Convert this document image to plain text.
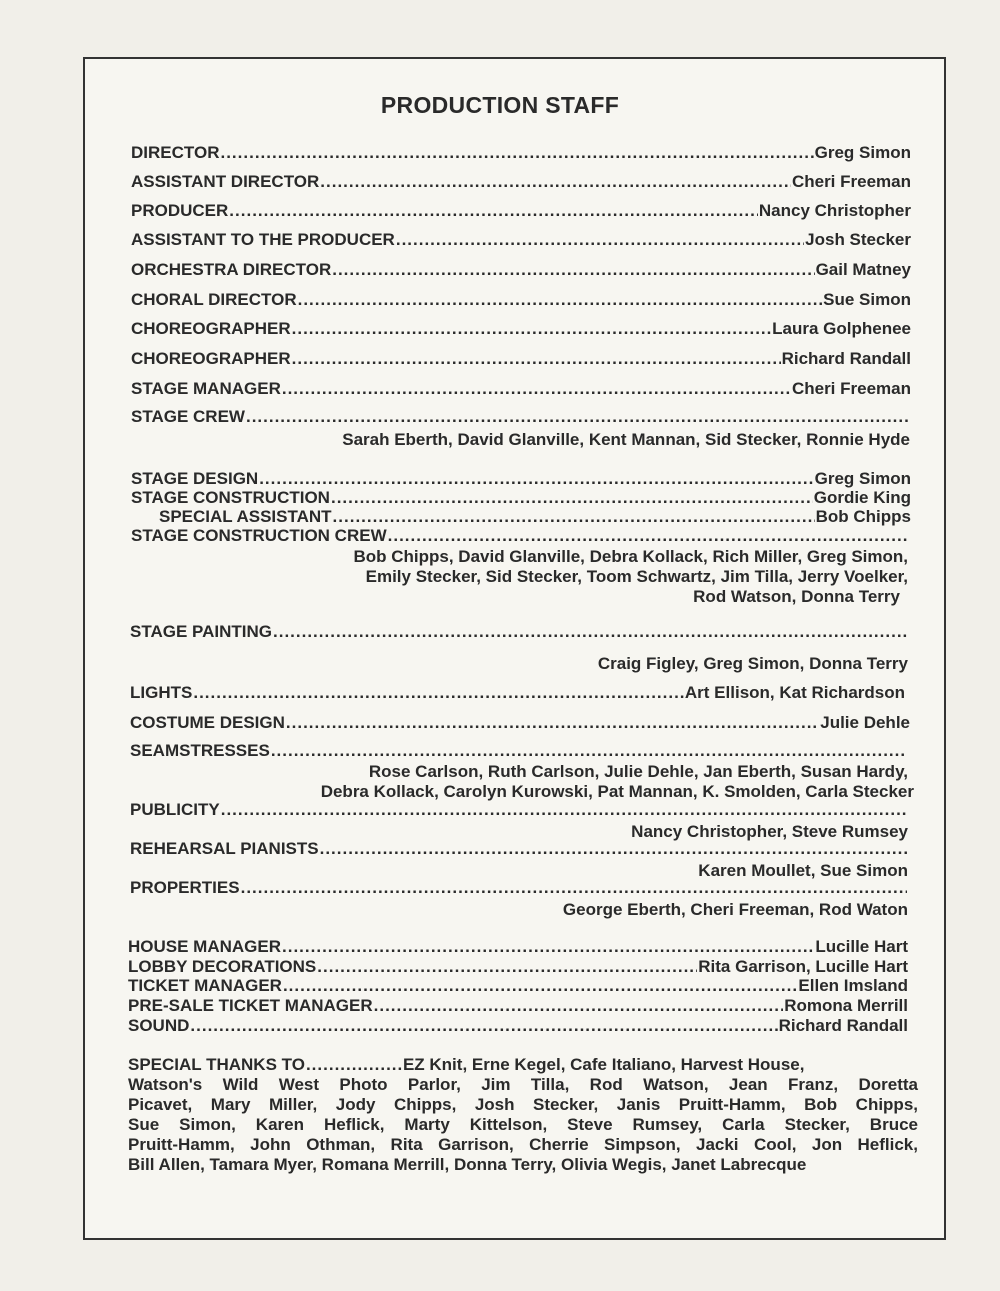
PRODUCTION STAFF
DIRECTOR .....	Greg Simon
ASSISTANT DIRECTOR .....	Cheri Freeman
PRODUCER .....	Nancy Christopher
ASSISTANT TO THE PRODUCER .....	Josh Stecker
ORCHESTRA DIRECTOR .....	Gail Matney
CHORAL DIRECTOR .....	Sue Simon
CHOREOGRAPHER .....	Laura Golphenee
CHOREOGRAPHER .....	Richard Randall
STAGE MANAGER .....	Cheri Freeman
STAGE CREW
.....
Sarah Eberth, David Glanville, Kent Mannan, Sid Stecker, Ronnie Hyde
STAGE DESIGN .....	Greg Simon
STAGE CONSTRUCTION .....	Gordie King
SPECIAL ASSISTANT .....	Bob Chipps
STAGE CONSTRUCTION CREW
.....
Bob Chipps, David Glanville, Debra Kollack, Rich Miller, Greg Simon,
Emily Stecker, Sid Stecker, Toom Schwartz, Jim Tilla, Jerry Voelker,
Rod Watson, Donna Terry
STAGE PAINTING
.....
Craig Figley, Greg Simon, Donna Terry
LIGHTS .....	Art Ellison, Kat Richardson
COSTUME DESIGN .....	Julie Dehle
SEAMSTRESSES
.....
Rose Carlson, Ruth Carlson, Julie Dehle, Jan Eberth, Susan Hardy,
Debra Kollack, Carolyn Kurowski, Pat Mannan, K. Smolden, Carla Stecker
PUBLICITY
.....
Nancy Christopher, Steve Rumsey
REHEARSAL PIANISTS
.....
Karen Moullet, Sue Simon
PROPERTIES
.....
George Eberth, Cheri Freeman, Rod Waton
HOUSE MANAGER .....	Lucille Hart
LOBBY DECORATIONS .....	Rita Garrison, Lucille Hart
TICKET MANAGER .....	Ellen Imsland
PRE-SALE TICKET MANAGER .....	Romona Merrill
SOUND .....	Richard Randall
SPECIAL THANKS TO .....	EZ Knit, Erne Kegel, Cafe Italiano, Harvest House,
Watson's Wild West Photo Parlor, Jim Tilla, Rod Watson, Jean Franz, Doretta
Picavet, Mary Miller, Jody Chipps, Josh Stecker, Janis Pruitt-Hamm, Bob Chipps,
Sue Simon, Karen Heflick, Marty Kittelson, Steve Rumsey, Carla Stecker, Bruce
Pruitt-Hamm, John Othman, Rita Garrison, Cherrie Simpson, Jacki Cool, Jon Heflick,
Bill Allen, Tamara Myer, Romana Merrill, Donna Terry, Olivia Wegis, Janet Labrecque
